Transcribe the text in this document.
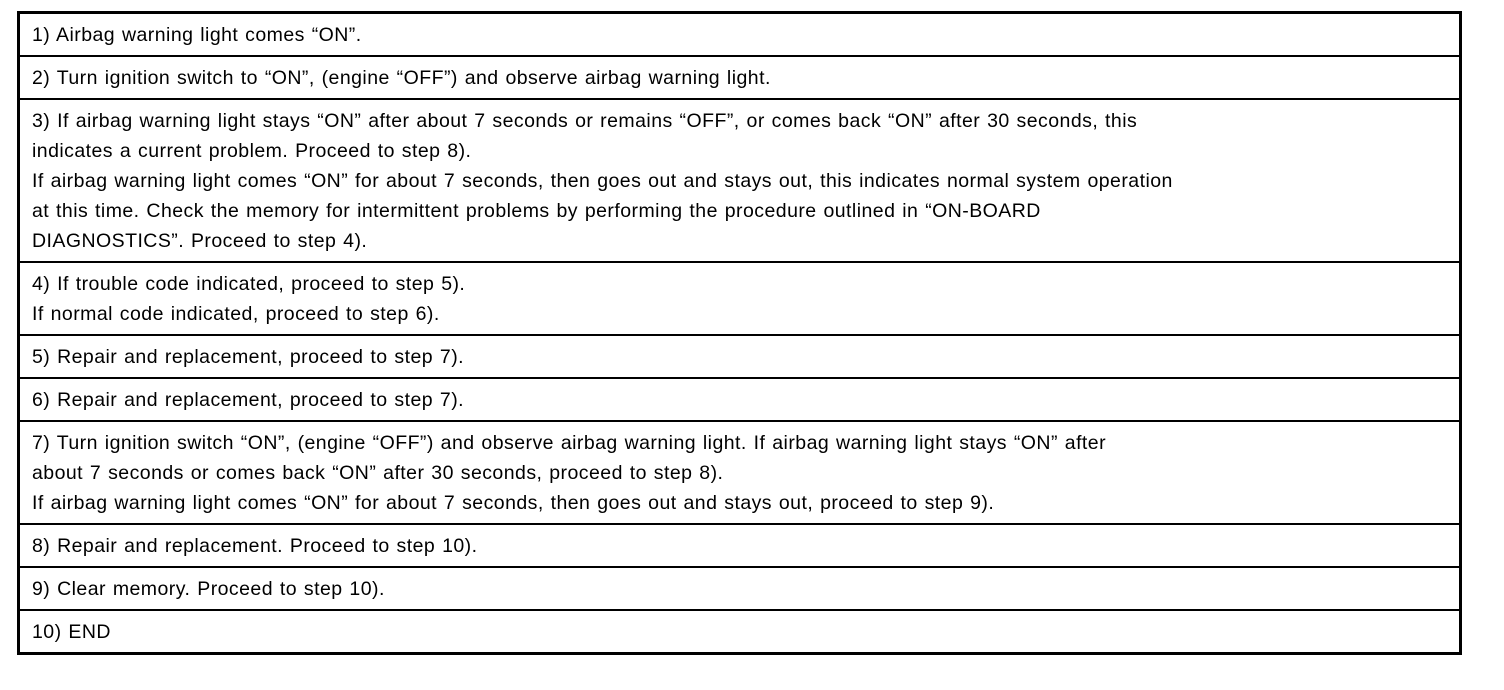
1) Airbag warning light comes “ON”.

2) Turn ignition switch to “ON”, (engine “OFF”) and observe airbag warning light.

3) If airbag warning light stays “ON” after about 7 seconds or remains “OFF”, or comes back “ON” after 30 seconds, this
indicates a current problem. Proceed to step 8).
If airbag warning light comes “ON” for about 7 seconds, then goes out and stays out, this indicates normal system operation
at this time. Check the memory for intermittent problems by performing the procedure outlined in “ON-BOARD
DIAGNOSTICS”. Proceed to step 4).

4) If trouble code indicated, proceed to step 5).
If normal code indicated, proceed to step 6).

5) Repair and replacement, proceed to step 7).

6) Repair and replacement, proceed to step 7).

7) Turn ignition switch “ON”, (engine “OFF”) and observe airbag warning light. If airbag warning light stays “ON” after
about 7 seconds or comes back “ON” after 30 seconds, proceed to step 8).
If airbag warning light comes “ON” for about 7 seconds, then goes out and stays out, proceed to step 9).

8) Repair and replacement. Proceed to step 10).

9) Clear memory. Proceed to step 10).

10) END
